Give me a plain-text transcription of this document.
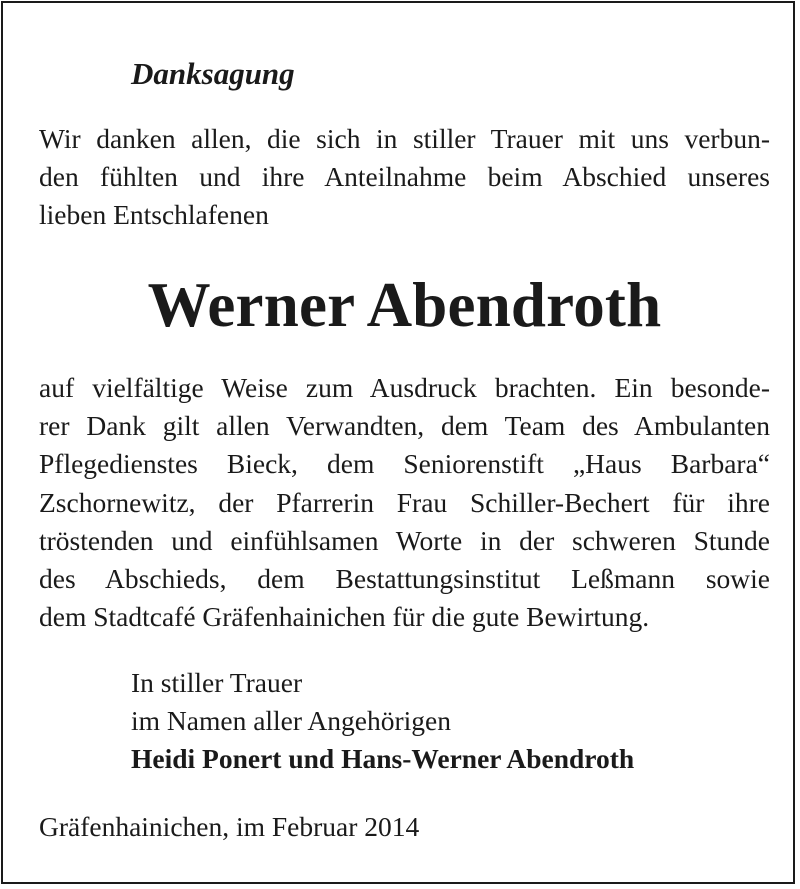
Danksagung

Wir danken allen, die sich in stiller Trauer mit uns verbun-
den fühlten und ihre Anteilnahme beim Abschied unseres
lieben Entschlafenen

Werner Abendroth

auf vielfältige Weise zum Ausdruck brachten. Ein besonde-
rer Dank gilt allen Verwandten, dem Team des Ambulanten
Pflegedienstes Bieck, dem Seniorenstift „Haus Barbara“
Zschornewitz, der Pfarrerin Frau Schiller-Bechert für ihre
tröstenden und einfühlsamen Worte in der schweren Stunde
des Abschieds, dem Bestattungsinstitut Leßmann sowie
dem Stadtcafé Gräfenhainichen für die gute Bewirtung.

In stiller Trauer
im Namen aller Angehörigen
Heidi Ponert und Hans-Werner Abendroth

Gräfenhainichen, im Februar 2014
